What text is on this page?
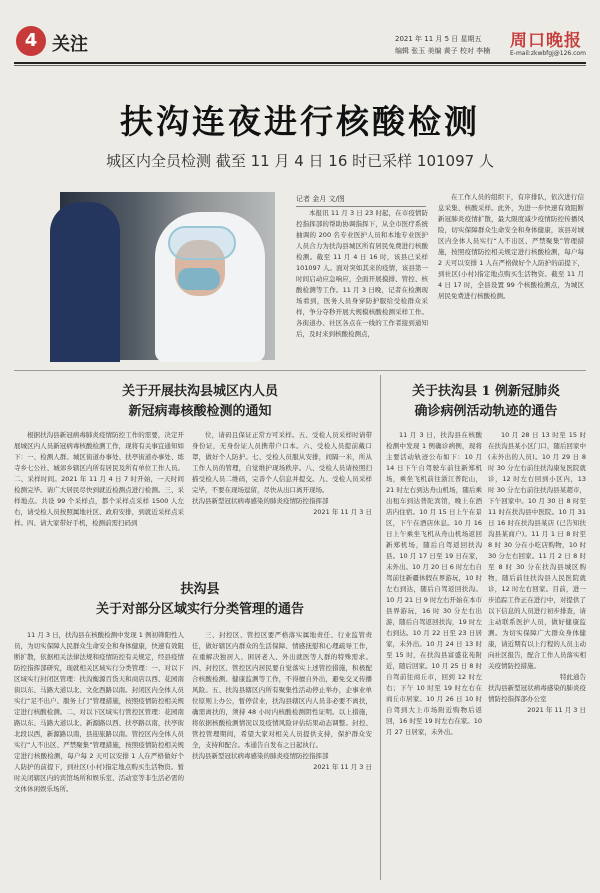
4 关注	2021 年 11 月 5 日 星期五
编辑 张玉 美编 黄子 校对 李楠 周口晚报
E-mail:zkwbfgj@126.com
扶沟连夜进行核酸检测
城区内全员检测 截至 11 月 4 日 16 时已采样 101097 人
检测现场
记者 金月 文/图

本报讯 11 月 3 日 23 时起，在市疫情防控指挥部的帮助协调指挥下，从全市医疗系统抽调的 200 名专业医护人员和本地专业医护人员合力为扶沟县城区所有居民免费进行核酸检测。截至 11 月 4 日 16 时，该县已采样 101097 人。面对突如其来的疫情，该县第一时间启动应急响应，全面开展摸排、管控、核酸检测等工作。11 月 3 日晚，记者在检测现场看到，医务人员身穿防护服给受检群众采样，争分夺秒开展大规模核酸检测采样工作。各街道办、社区各点在一线的工作者接到通知后，及时来到核酸检测点，

在工作人员的组织下，有序排队，依次进行信息采集、核酸采样。此外，为进一步快速有效阻断新冠肺炎疫情扩散，最大限度减少疫情防控传播风险，切实保障群众生命安全和身体健康，该县对城区内全体人员实行“人不出区、严禁聚集”管理措施，按照疫情防控相关规定进行核酸检测，每户每 2 天可以安排 1 人在严格做好个人防护的前提下，到社区(小村)指定地点购买生活物资。截至 11 月 4 日 17 时，全县设置 99 个核酸检测点，为城区居民免费进行核酸检测。

关于开展扶沟县城区内人员
新冠病毒核酸检测的通知

根据扶沟县新冠病毒肺炎疫情防控工作的需要，决定开展城区内人员新冠病毒核酸检测工作，现将有关事宜通知如下：一、检测人群。城区街道办事处、扶亭街道办事处、练寺乡七公社、城郊乡辖区内所有居民及所有单位工作人员。二、采样时间。2021 年 11 月 4 日 7 时开始，一天时间检测完毕。请广大居民尽快到就近检测点进行检测。三、采样地点。共设 99 个采样点，都个采样点采样 1500 人左右，请受检人员按照属地社区、政府安排，到就近采样点采样。四、请大家带好手机，检测前需扫码到

位，请码且保证正常方可采样。五、受检人员采样时请带身份证，无身份证人员携带户口本。六、受检人员提前戴口罩，做好个人防护。七、受检人员服从安排，间隔一米，所从工作人员的管理，自觉维护现场秩序。八、受检人员请按照扫描受检人员二维码，完善个人信息并提交。九、受检人员采样完毕，不要在现场逗留，尽快从出口离开现场。

扶沟县新型冠状病毒感染的肺炎疫情防控指挥部
2021 年 11 月 3 日
扶沟县
关于对部分区域实行分类管理的通告

11 月 3 日，扶沟县在核酸检测中发现 1 例初筛阳性人员，为切实保障人民群众生命安全和身体健康，快速有效阻断扩散，依据相关法律法规和疫情防控有关规定，经县疫情防控指挥部研究，现就相关区域实行分类管理：一、对以下区域实行封闭区管理：扶沟衡源百货天和商店以西、花园南街以东、马路大道以北、文化西路以南。封闭区内全体人员实行“足不出户、服务上门”管理措施，按照疫情防控相关规定进行核酸检测。二、对以下区域实行管控区管理：花园南路以东、马路大道以北、新源路以西、扶亭路以南，扶亭街北段以西，新源路以南，县迎旅路以南。管控区内全体人员实行“人不出区、严禁聚集”管理措施，按照疫情防控相关规定进行核酸检测，每户每 2 天可以安排 1 人在严格做好个人防护的前提下，到社区(小村)指定地点购买生活物资。暂时关闭辖区内的宾馆场所和娱乐室、活动室等非生活必需的文体休闲娱乐场所。

三、封控区、管控区要严格落实属地责任、行业监管责任，做好辖区内群众的生活保障、情感抚慰和心理疏导工作，在重解决独居人、困居老人、外出就医等人群的特殊需求。四、封控区、管控区内居民要自觉落实上述管控措施，积极配合核酸检测、健康监测等工作，不得擅自外出，避免交叉传播风险。五、扶沟县辖区内所有聚集性活动停止举办，企事业单位原则上办公，暂停营业，扶沟县辖区内人员非必要不离扶，确需离扶的，须持 48 小时内核酸检测阴性证明。以上措施，将依据核酸检测情况以及疫情风险评估结果动态调整。封控、管控管理期间，希望大家对相关人员提供支持，保护群众安全，支持和配合。本通告自发布之日起执行。

扶沟县新型冠状病毒感染的肺炎疫情防控指挥部
2021 年 11 月 3 日
关于扶沟县 1 例新冠肺炎
确诊病例活动轨迹的通告

11 月 3 日，扶沟县在核酸检测中发现 1 例确诊病例，现将主要活动轨迹公布如下：10 月 14 日下午自驾驶车前往新郑机场，乘坐飞机前往浙江普陀山，21 时左右到达舟山机场，随后乘出租车到达普陀宾馆，晚上在酒店内住宿。10 月 15 日上午在景区，下午在酒店休息。10 月 16 日上午乘坐飞机从舟山机场返回新郑机场，随后自驾返回扶沟县。10 月 17 日至 19 日在家，未外出。10 月 20 日 6 时左右自驾前往新疆休假在界游玩，10 时左右到达，随后自驾返回扶沟。10 月 21 日 9 时左右开始在本市县界游玩，16 时 30 分左右出游，随后自驾返回扶沟，19 时左右到达。10 月 22 日至 23 日居家，未外出。10 月 24 日 13 时至 15 时，在扶沟县富盛花苑附近，随后回家。10 月 25 日 8 时自驾前往商丘市，回到 12 时左右；下午 10 时至 19 时左右在商丘市居家。10 月 26 日 10 时自驾到大上市场附近购物后返回，16 时至 19 时左右在家。10 月 27 日居家，未外出。

10 月 28 日 13 时至 15 时在扶沟县某小区门口，随后回家中 (未外出的人员)。10 月 29 日 8 时 30 分左右前往扶沟康复医院就诊，12 时左右回到小区内，13 时 30 分左右前往扶沟县某超市，下午回家中。10 月 30 日 8 时至 11 时在扶沟县中医院。10 月 31 日 16 时在扶沟县某店 (已告知扶沟县某商户)。11 月 1 日 8 时至 8 时 30 分在小吃店购物，10 时 30 分左右回家。11 月 2 日 8 时至 8 时 30 分在扶沟县城区购物，随后前往扶沟县人民医院就诊，12 时左右回家。目前，进一步追踪工作正在进行中，对提供了以下信息的人员进行初步排查，请主动联系医护人员，做好健康监测。为切实保障广大群众身体健康，请近期有以上行程的人员主动向社区报告，配合工作人员落实相关疫情防控措施。

特此通告
扶沟县新型冠状病毒感染的肺炎疫情防控指挥部办公室
2021 年 11 月 3 日
